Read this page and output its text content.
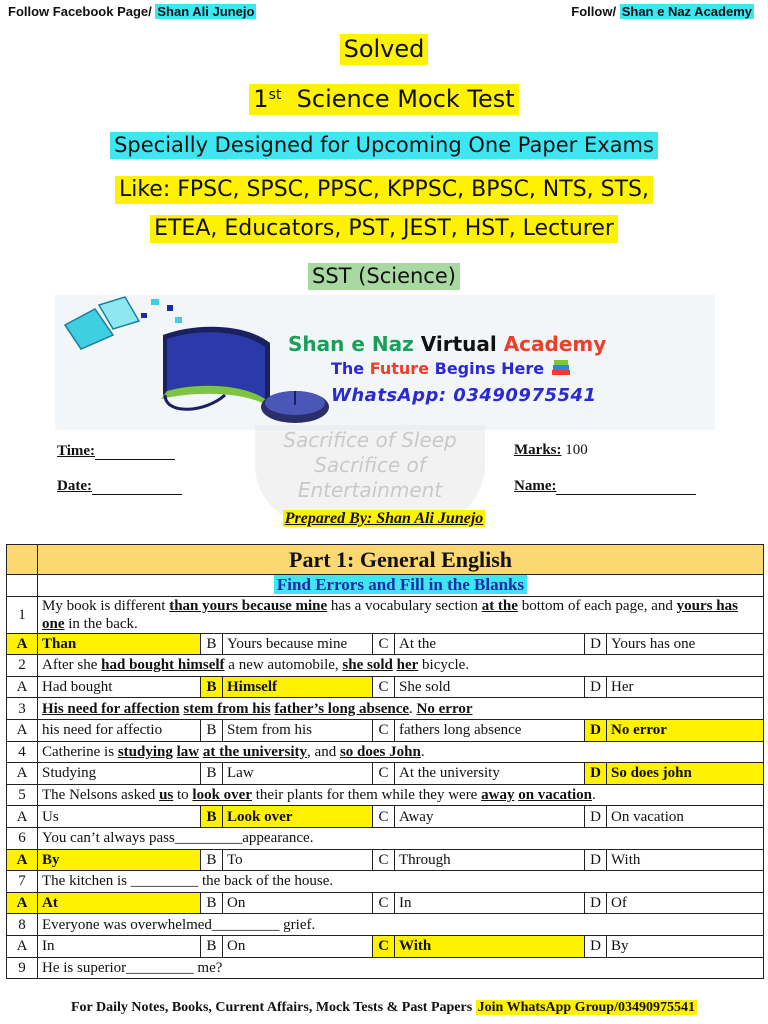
Follow Facebook Page/ Shan Ali Junejo	Follow/ Shan e Naz Academy
Solved
1st Science Mock Test
Specially Designed for Upcoming One Paper Exams
Like: FPSC, SPSC, PPSC, KPPSC, BPSC, NTS, STS,
ETEA, Educators, PST, JEST, HST, Lecturer
SST (Science)
Shan e Naz Virtual Academy
The Future Begins Here
WhatsApp: 03490975541
Sacrifice of Sleep
Sacrifice of
Entertainment
Time:
Date:
Marks: 100
Name:
Prepared By: Shan Ali Junejo
	Part 1: General English						
	Find Errors and Fill in the Blanks						
1	My book is different than yours because mine has a vocabulary section at the bottom of each page, and yours has one in the back.						

A	Than	B	Yours because mine	C	At the	D	Yours has one
2	After she had bought himself a new automobile, she sold her bicycle.						
A	Had bought	B	Himself	C	She sold	D	Her
3	His need for affection stem from his father’s long absence. No error						
A	his need for affectio	B	Stem from his	C	fathers long absence	D	No error
4	Catherine is studying law at the university, and so does John.						
A	Studying	B	Law	C	At the university	D	So does john
5	The Nelsons asked us to look over their plants for them while they were away on vacation.						
A	Us	B	Look over	C	Away	D	On vacation
6	You can’t always pass_________appearance.						
A	By	B	To	C	Through	D	With
7	The kitchen is _________ the back of the house.						
A	At	B	On	C	In	D	Of
8	Everyone was overwhelmed_________ grief.						
A	In	B	On	C	With	D	By
9	He is superior_________ me?						
For Daily Notes, Books, Current Affairs, Mock Tests & Past Papers Join WhatsApp Group/03490975541
